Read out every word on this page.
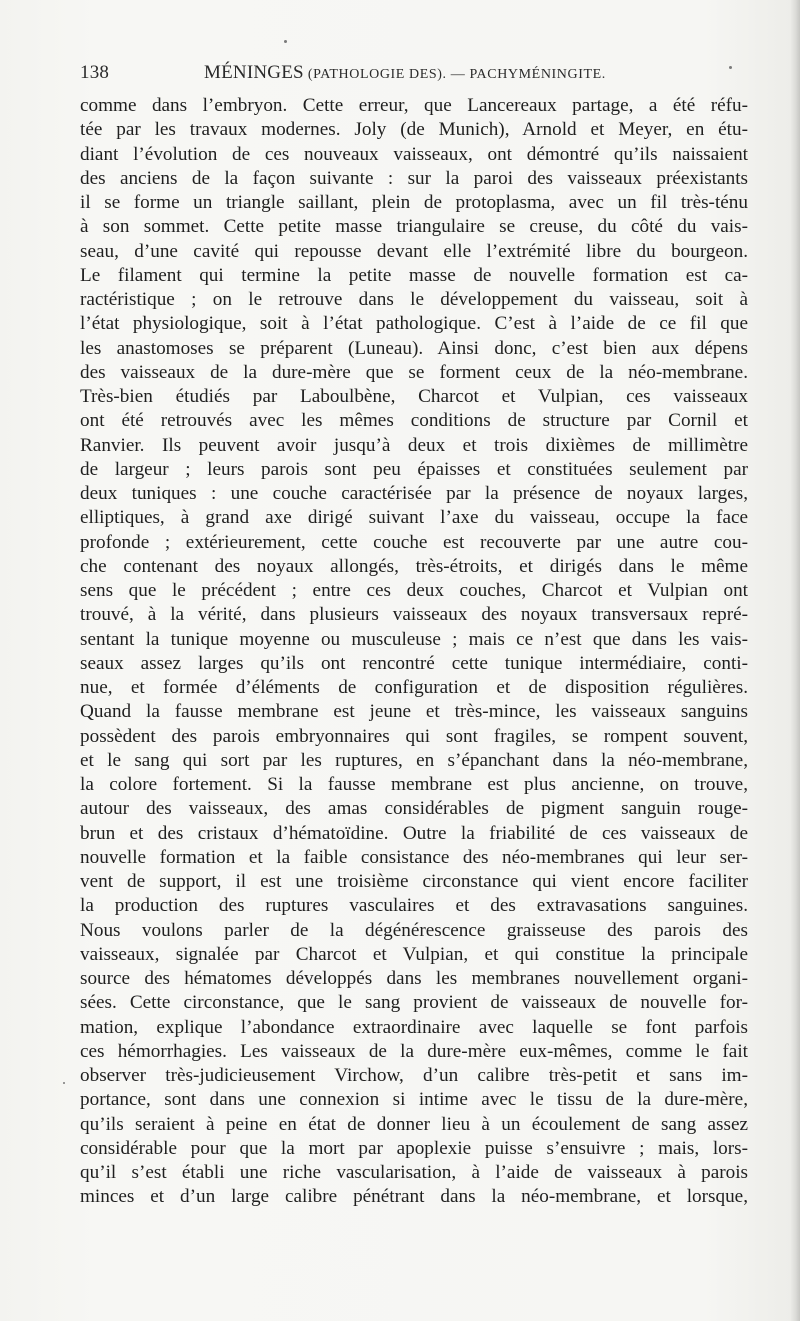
138	MÉNINGES (PATHOLOGIE DES). — PACHYMÉNINGITE.
comme dans l’embryon. Cette erreur, que Lancereaux partage, a été réfu-
tée par les travaux modernes. Joly (de Munich), Arnold et Meyer, en étu-
diant l’évolution de ces nouveaux vaisseaux, ont démontré qu’ils naissaient
des anciens de la façon suivante : sur la paroi des vaisseaux préexistants
il se forme un triangle saillant, plein de protoplasma, avec un fil très-ténu
à son sommet. Cette petite masse triangulaire se creuse, du côté du vais-
seau, d’une cavité qui repousse devant elle l’extrémité libre du bourgeon.
Le filament qui termine la petite masse de nouvelle formation est ca-
ractéristique ; on le retrouve dans le développement du vaisseau, soit à
l’état physiologique, soit à l’état pathologique. C’est à l’aide de ce fil que
les anastomoses se préparent (Luneau). Ainsi donc, c’est bien aux dépens
des vaisseaux de la dure-mère que se forment ceux de la néo-membrane.
Très-bien étudiés par Laboulbène, Charcot et Vulpian, ces vaisseaux
ont été retrouvés avec les mêmes conditions de structure par Cornil et
Ranvier. Ils peuvent avoir jusqu’à deux et trois dixièmes de millimètre
de largeur ; leurs parois sont peu épaisses et constituées seulement par
deux tuniques : une couche caractérisée par la présence de noyaux larges,
elliptiques, à grand axe dirigé suivant l’axe du vaisseau, occupe la face
profonde ; extérieurement, cette couche est recouverte par une autre cou-
che contenant des noyaux allongés, très-étroits, et dirigés dans le même
sens que le précédent ; entre ces deux couches, Charcot et Vulpian ont
trouvé, à la vérité, dans plusieurs vaisseaux des noyaux transversaux repré-
sentant la tunique moyenne ou musculeuse ; mais ce n’est que dans les vais-
seaux assez larges qu’ils ont rencontré cette tunique intermédiaire, conti-
nue, et formée d’éléments de configuration et de disposition régulières.
Quand la fausse membrane est jeune et très-mince, les vaisseaux sanguins
possèdent des parois embryonnaires qui sont fragiles, se rompent souvent,
et le sang qui sort par les ruptures, en s’épanchant dans la néo-membrane,
la colore fortement. Si la fausse membrane est plus ancienne, on trouve,
autour des vaisseaux, des amas considérables de pigment sanguin rouge-
brun et des cristaux d’hématoïdine. Outre la friabilité de ces vaisseaux de
nouvelle formation et la faible consistance des néo-membranes qui leur ser-
vent de support, il est une troisième circonstance qui vient encore faciliter
la production des ruptures vasculaires et des extravasations sanguines.
Nous voulons parler de la dégénérescence graisseuse des parois des
vaisseaux, signalée par Charcot et Vulpian, et qui constitue la principale
source des hématomes développés dans les membranes nouvellement organi-
sées. Cette circonstance, que le sang provient de vaisseaux de nouvelle for-
mation, explique l’abondance extraordinaire avec laquelle se font parfois
ces hémorrhagies. Les vaisseaux de la dure-mère eux-mêmes, comme le fait
observer très-judicieusement Virchow, d’un calibre très-petit et sans im-
portance, sont dans une connexion si intime avec le tissu de la dure-mère,
qu’ils seraient à peine en état de donner lieu à un écoulement de sang assez
considérable pour que la mort par apoplexie puisse s’ensuivre ; mais, lors-
qu’il s’est établi une riche vascularisation, à l’aide de vaisseaux à parois
minces et d’un large calibre pénétrant dans la néo-membrane, et lorsque,
